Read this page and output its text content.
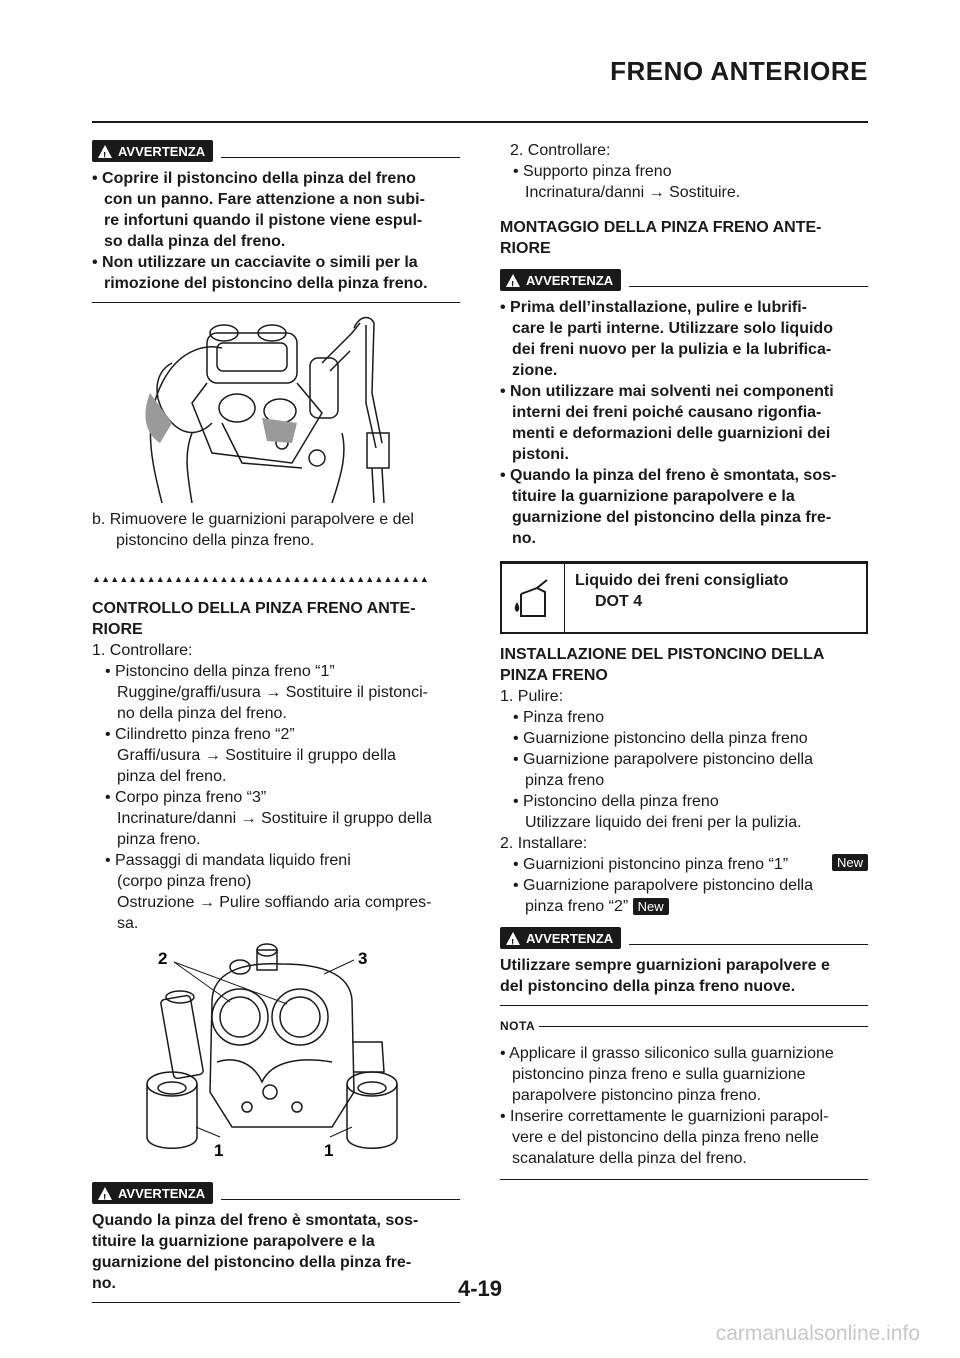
FRENO ANTERIORE
!
AVVERTENZA
• Coprire il pistoncino della pinza del freno
con un panno. Fare attenzione a non subi-
re infortuni quando il pistone viene espul-
so dalla pinza del freno.
• Non utilizzare un cacciavite o simili per la
rimozione del pistoncino della pinza freno.
b. Rimuovere le guarnizioni parapolvere e del
pistoncino della pinza freno.
▲▲▲▲▲▲▲▲▲▲▲▲▲▲▲▲▲▲▲▲▲▲▲▲▲▲▲▲▲▲▲▲▲▲▲▲▲
CONTROLLO DELLA PINZA FRENO ANTE-
RIORE
1. Controllare:
• Pistoncino della pinza freno “1”
Ruggine/graffi/usura → Sostituire il pistonci-
no della pinza del freno.
• Cilindretto pinza freno “2”
Graffi/usura → Sostituire il gruppo della
pinza del freno.
• Corpo pinza freno “3”
Incrinature/danni → Sostituire il gruppo della
pinza freno.
• Passaggi di mandata liquido freni
(corpo pinza freno)
Ostruzione → Pulire soffiando aria compres-
sa.
2	3
1	1
!
AVVERTENZA
Quando la pinza del freno è smontata, sos-
tituire la guarnizione parapolvere e la
guarnizione del pistoncino della pinza fre-
no.
2. Controllare:
• Supporto pinza freno
Incrinatura/danni → Sostituire.
MONTAGGIO DELLA PINZA FRENO ANTE-
RIORE
!
AVVERTENZA
• Prima dell’installazione, pulire e lubrifi-
care le parti interne. Utilizzare solo liquido
dei freni nuovo per la pulizia e la lubrifica-
zione.
• Non utilizzare mai solventi nei componenti
interni dei freni poiché causano rigonfia-
menti e deformazioni delle guarnizioni dei
pistoni.
• Quando la pinza del freno è smontata, sos-
tituire la guarnizione parapolvere e la
guarnizione del pistoncino della pinza fre-
no.
Liquido dei freni consigliato
DOT 4
INSTALLAZIONE DEL PISTONCINO DELLA
PINZA FRENO
1. Pulire:
• Pinza freno
• Guarnizione pistoncino della pinza freno
• Guarnizione parapolvere pistoncino della
pinza freno
• Pistoncino della pinza freno
Utilizzare liquido dei freni per la pulizia.
2. Installare:
• Guarnizioni pistoncino pinza freno “1”	New
• Guarnizione parapolvere pistoncino della
pinza freno “2” New
!
AVVERTENZA
Utilizzare sempre guarnizioni parapolvere e
del pistoncino della pinza freno nuove.
NOTA
• Applicare il grasso siliconico sulla guarnizione
pistoncino pinza freno e sulla guarnizione
parapolvere pistoncino pinza freno.
• Inserire correttamente le guarnizioni parapol-
vere e del pistoncino della pinza freno nelle
scanalature della pinza del freno.
4-19
carmanualsonline.info
